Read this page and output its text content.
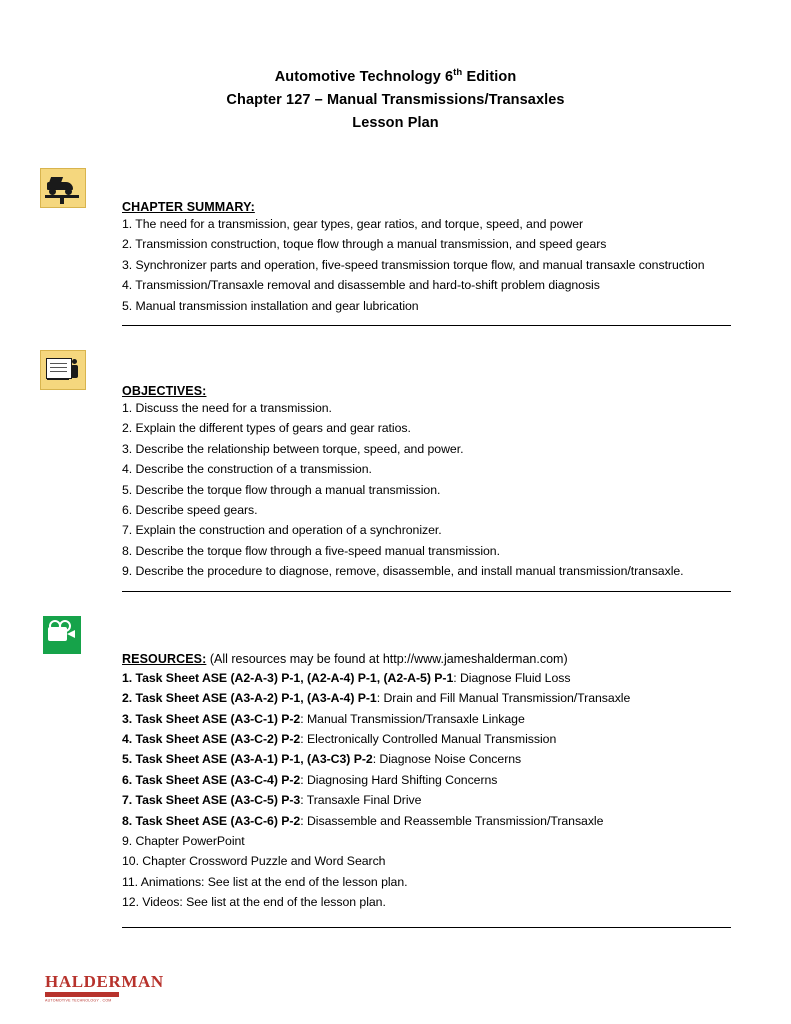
Automotive Technology 6th Edition
Chapter 127 – Manual Transmissions/Transaxles
Lesson Plan
CHAPTER SUMMARY:
1. The need for a transmission, gear types, gear ratios, and torque, speed, and power
2. Transmission construction, toque flow through a manual transmission, and speed gears
3. Synchronizer parts and operation, five-speed transmission torque flow, and manual transaxle construction
4. Transmission/Transaxle removal and disassemble and hard-to-shift problem diagnosis
5. Manual transmission installation and gear lubrication
OBJECTIVES:
1. Discuss the need for a transmission.
2. Explain the different types of gears and gear ratios.
3. Describe the relationship between torque, speed, and power.
4. Describe the construction of a transmission.
5. Describe the torque flow through a manual transmission.
6. Describe speed gears.
7. Explain the construction and operation of a synchronizer.
8. Describe the torque flow through a five-speed manual transmission.
9. Describe the procedure to diagnose, remove, disassemble, and install manual transmission/transaxle.
RESOURCES: (All resources may be found at http://www.jameshalderman.com)
1. Task Sheet ASE (A2-A-3) P-1, (A2-A-4) P-1, (A2-A-5) P-1: Diagnose Fluid Loss
2. Task Sheet ASE (A3-A-2) P-1, (A3-A-4) P-1: Drain and Fill Manual Transmission/Transaxle
3. Task Sheet ASE (A3-C-1) P-2: Manual Transmission/Transaxle Linkage
4. Task Sheet ASE (A3-C-2) P-2: Electronically Controlled Manual Transmission
5. Task Sheet ASE (A3-A-1) P-1, (A3-C3) P-2: Diagnose Noise Concerns
6. Task Sheet ASE (A3-C-4) P-2: Diagnosing Hard Shifting Concerns
7. Task Sheet ASE (A3-C-5) P-3: Transaxle Final Drive
8. Task Sheet ASE (A3-C-6) P-2: Disassemble and Reassemble Transmission/Transaxle
9. Chapter PowerPoint
10. Chapter Crossword Puzzle and Word Search
11. Animations: See list at the end of the lesson plan.
12. Videos: See list at the end of the lesson plan.
HALDERMAN
AUTOMOTIVE TECHNOLOGY . COM
